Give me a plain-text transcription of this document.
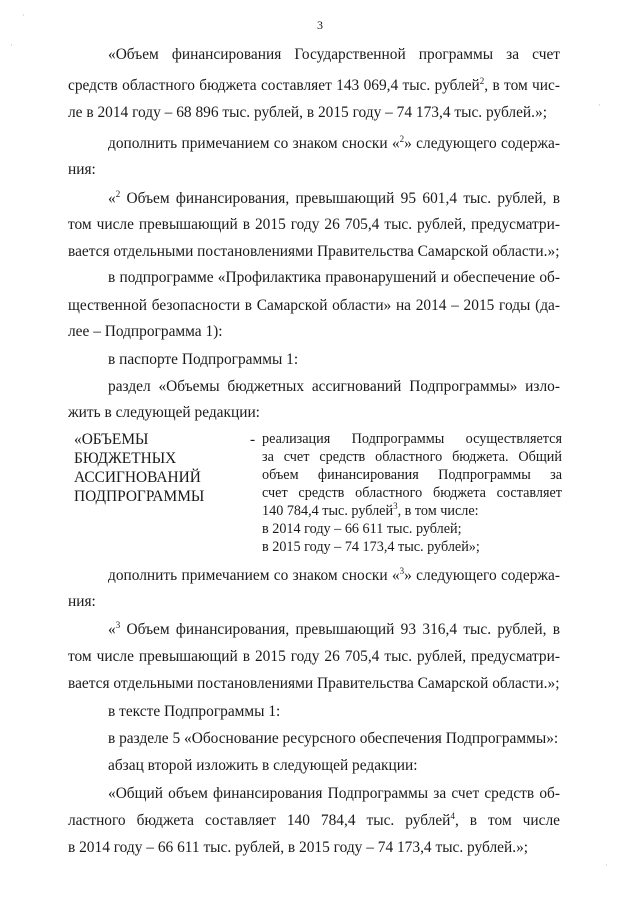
3
·
·
·
·
«Объем финансирования Государственной программы за счет
средств областного бюджета составляет 143 069,4 тыс. рублей$^2$, в том чис-
ле в 2014 году – 68 896 тыс. рублей, в 2015 году – 74 173,4 тыс. рублей.»;
дополнить примечанием со знаком сноски «$^2$» следующего содержа-
ния:
«$^2$ Объем финансирования, превышающий 95 601,4 тыс. рублей, в
том числе превышающий в 2015 году 26 705,4 тыс. рублей, предусматри-
вается отдельными постановлениями Правительства Самарской области.»;
в подпрограмме «Профилактика правонарушений и обеспечение об-
щественной безопасности в Самарской области» на 2014 – 2015 годы (да-
лее – Подпрограмма 1):
в паспорте Подпрограммы 1:
раздел «Объемы бюджетных ассигнований Подпрограммы» изло-
жить в следующей редакции:
«ОБЪЕМЫ
БЮДЖЕТНЫХ
АССИГНОВАНИЙ
ПОДПРОГРАММЫ
- реализация Подпрограммы осуществляется
за счет средств областного бюджета. Общий
объем финансирования Подпрограммы за
счет средств областного бюджета составляет
140 784,4 тыс. рублей$^3$, в том числе:
в 2014 году – 66 611 тыс. рублей;
в 2015 году – 74 173,4 тыс. рублей»;
дополнить примечанием со знаком сноски «$^3$» следующего содержа-
ния:
«$^3$ Объем финансирования, превышающий 93 316,4 тыс. рублей, в
том числе превышающий в 2015 году 26 705,4 тыс. рублей, предусматри-
вается отдельными постановлениями Правительства Самарской области.»;
в тексте Подпрограммы 1:
в разделе 5 «Обоснование ресурсного обеспечения Подпрограммы»:
абзац второй изложить в следующей редакции:
«Общий объем финансирования Подпрограммы за счет средств об-
ластного бюджета составляет 140 784,4 тыс. рублей$^4$, в том числе
в 2014 году – 66 611 тыс. рублей, в 2015 году – 74 173,4 тыс. рублей.»;
